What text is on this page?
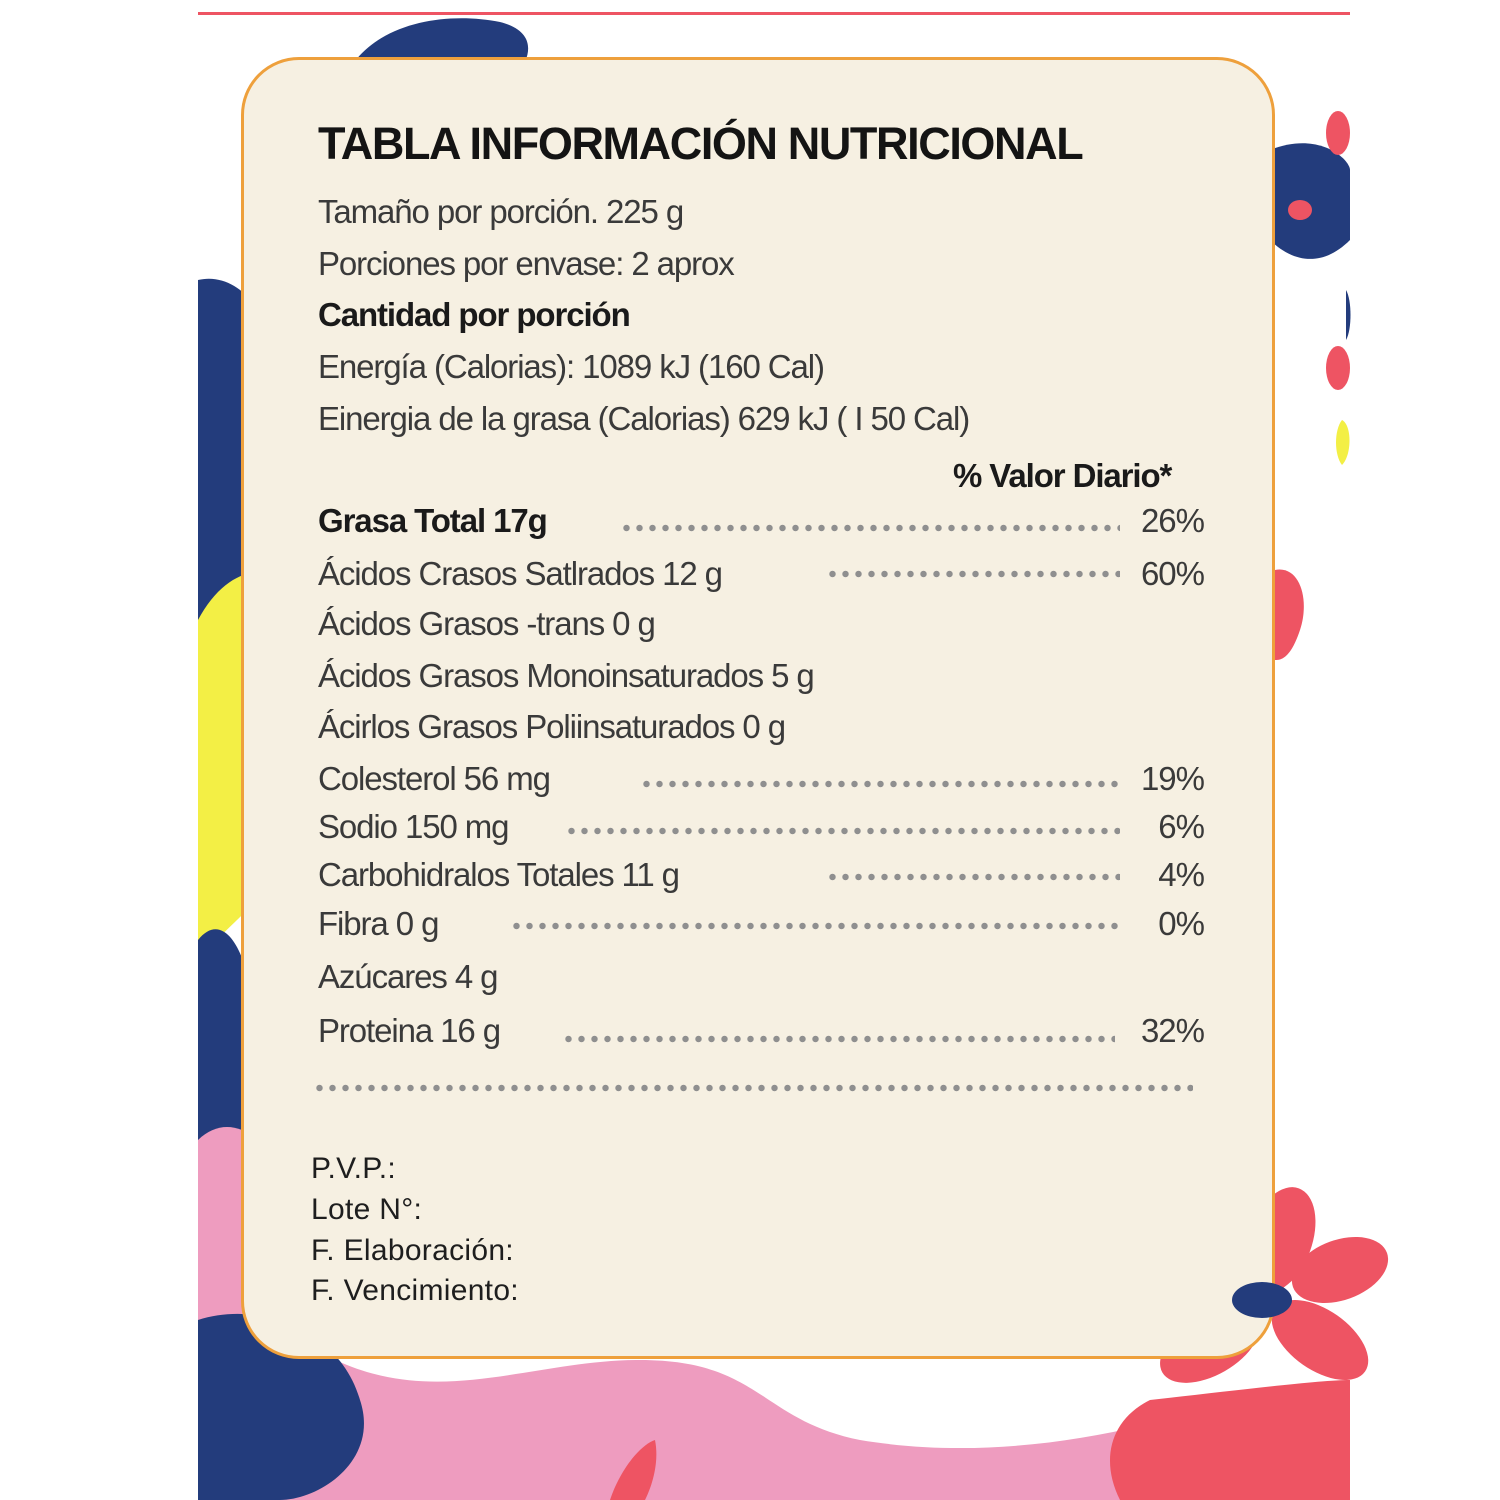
TABLA INFORMACIÓN NUTRICIONAL
Tamaño por porción. 225 g
Porciones por envase: 2 aprox
Cantidad por porción
Energía (Calorias): 1089 kJ (160 Cal)
Einergia de la grasa (Calorias) 629 kJ ( I 50 Cal)
% Valor Diario*
Grasa Total 17g	26%
Ácidos Crasos Satlrados 12 g	60%
Ácidos Grasos -trans 0 g
Ácidos Grasos Monoinsaturados 5 g
Ácirlos Grasos Poliinsaturados 0 g
Colesterol 56 mg	19%
Sodio 150 mg	6%
Carbohidralos Totales 11 g	4%
Fibra 0 g	0%
Azúcares 4 g
Proteina 16 g	32%
P.V.P.:
Lote N°:
F. Elaboración:
F. Vencimiento:
